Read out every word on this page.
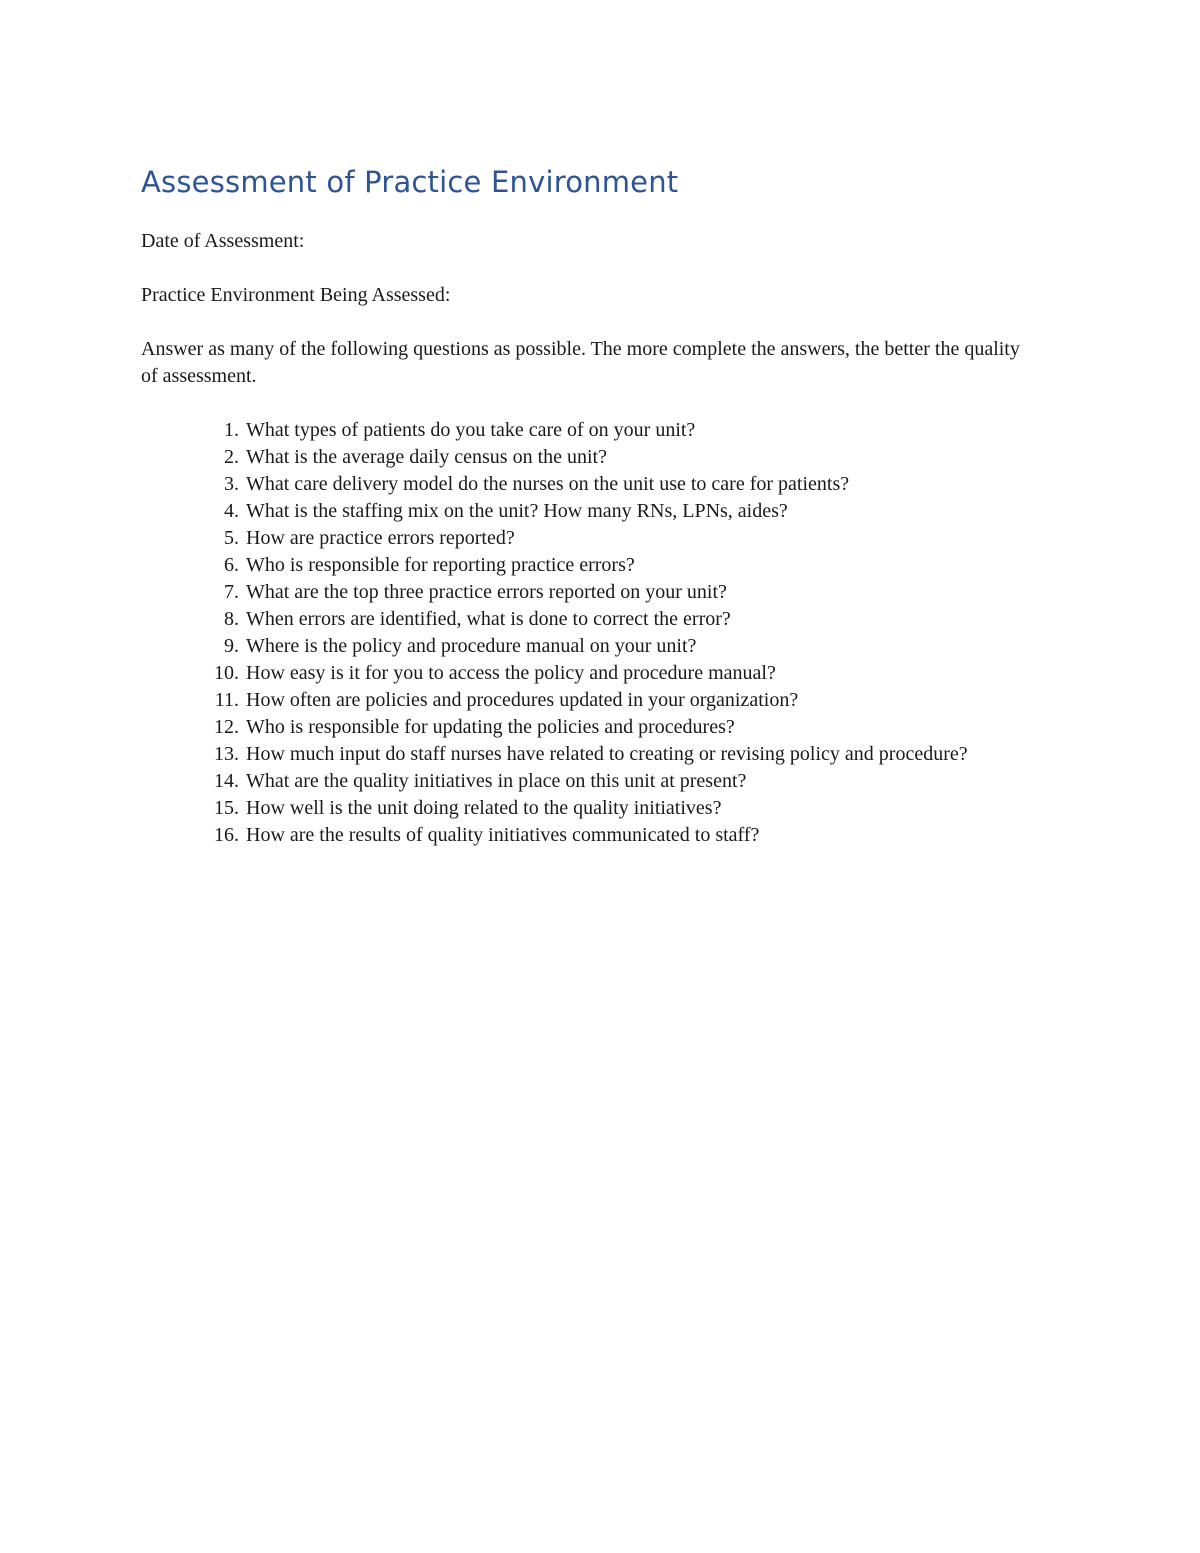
Assessment of Practice Environment

Date of Assessment:

Practice Environment Being Assessed:

Answer as many of the following questions as possible. The more complete the answers, the better the quality of assessment.

1. What types of patients do you take care of on your unit?
2. What is the average daily census on the unit?
3. What care delivery model do the nurses on the unit use to care for patients?
4. What is the staffing mix on the unit? How many RNs, LPNs, aides?
5. How are practice errors reported?
6. Who is responsible for reporting practice errors?
7. What are the top three practice errors reported on your unit?
8. When errors are identified, what is done to correct the error?
9. Where is the policy and procedure manual on your unit?
10. How easy is it for you to access the policy and procedure manual?
11. How often are policies and procedures updated in your organization?
12. Who is responsible for updating the policies and procedures?
13. How much input do staff nurses have related to creating or revising policy and procedure?
14. What are the quality initiatives in place on this unit at present?
15. How well is the unit doing related to the quality initiatives?
16. How are the results of quality initiatives communicated to staff?
